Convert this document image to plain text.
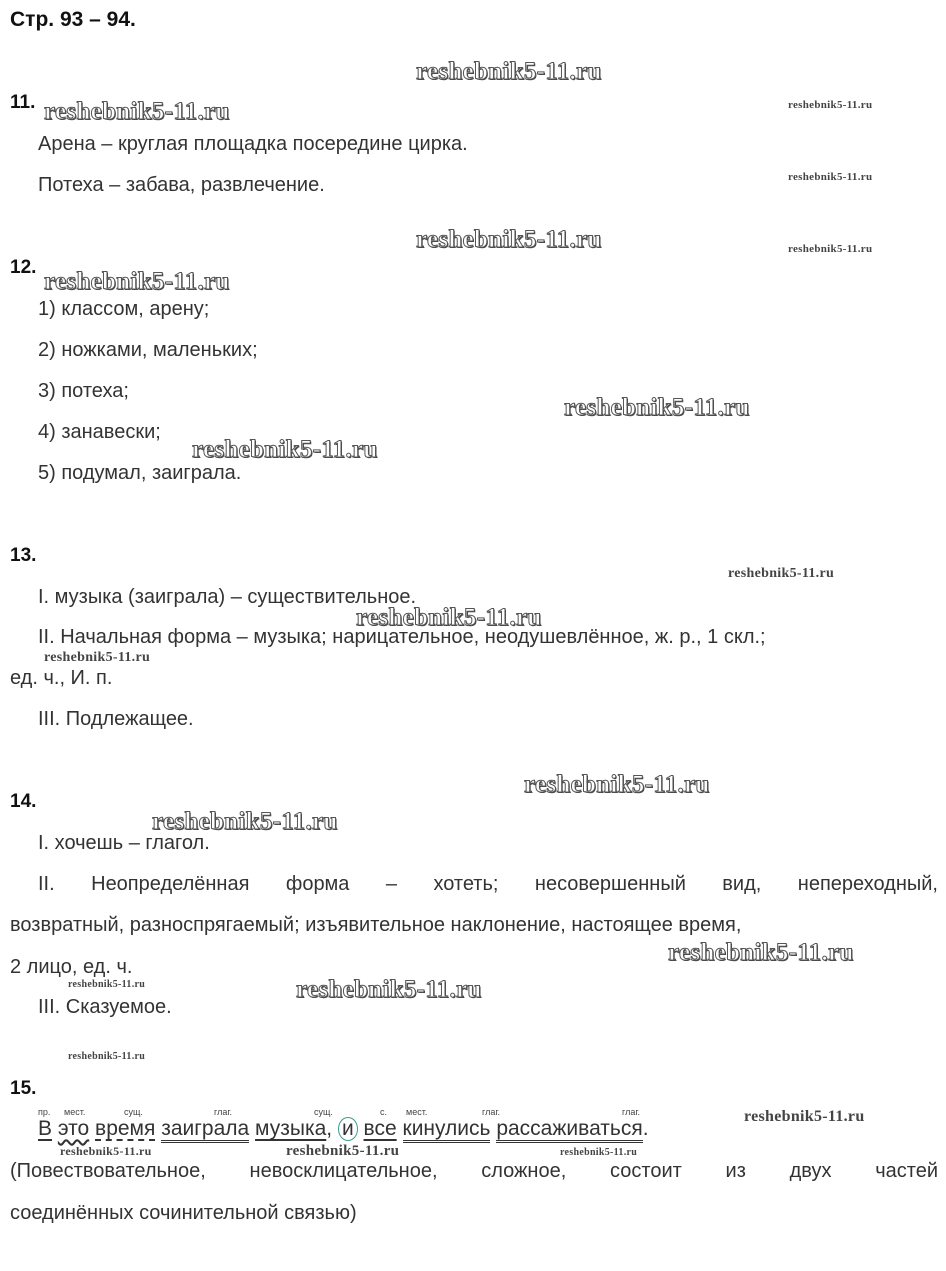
Стр. 93 – 94.
reshebnik5-11.ru
reshebnik5-11.ru	reshebnik5-11.ru
reshebnik5-11.ru
reshebnik5-11.ru	reshebnik5-11.ru
reshebnik5-11.ru
reshebnik5-11.ru
reshebnik5-11.ru
reshebnik5-11.ru
reshebnik5-11.ru
reshebnik5-11.ru
reshebnik5-11.ru
reshebnik5-11.ru
reshebnik5-11.ru
reshebnik5-11.ru	reshebnik5-11.ru
reshebnik5-11.ru
reshebnik5-11.ru
reshebnik5-11.ru	reshebnik5-11.ru	reshebnik5-11.ru
11.
Арена – круглая площадка посередине цирка.
Потеха – забава, развлечение.
12.
1) классом, арену;
2) ножками, маленьких;
3) потеха;
4) занавески;
5) подумал, заиграла.
13.
I. музыка (заиграла) – существительное.
II. Начальная форма – музыка; нарицательное, неодушевлённое, ж. р., 1 скл.;
ед. ч., И. п.
III. Подлежащее.
14.
I. хочешь – глагол.
II. Неопределённая форма – хотеть; несовершенный вид, непереходный,
возвратный, разноспрягаемый; изъявительное наклонение, настоящее время,
2 лицо, ед. ч.
III. Сказуемое.
15.
пр. мест.	сущ.	глаг.	сущ.	с. мест.	глаг.	глаг.
В это время заиграла музыка, и все кинулись рассаживаться.
(Повествовательное, невосклицательное, сложное, состоит из двух частей
соединённых сочинительной связью)
